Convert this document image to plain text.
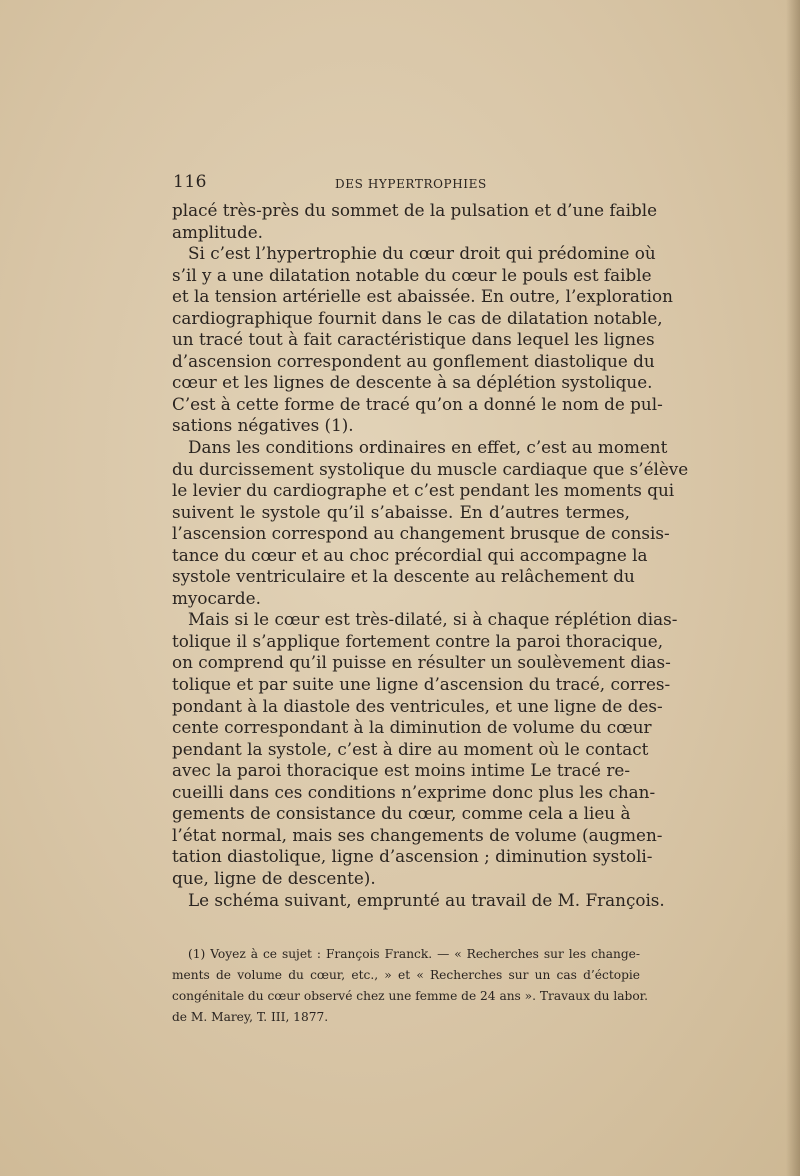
116	DES HYPERTROPHIES
placé très-près du sommet de la pulsation et d’une faible
amplitude.
Si c’est l’hypertrophie du cœur droit qui prédomine où
s’il y a une dilatation notable du cœur le pouls est faible
et la tension artérielle est abaissée. En outre, l’exploration
cardiographique fournit dans le cas de dilatation notable,
un tracé tout à fait caractéristique dans lequel les lignes
d’ascension correspondent au gonflement diastolique du
cœur et les lignes de descente à sa déplétion systolique.
C’est à cette forme de tracé qu’on a donné le nom de pul-
sations négatives (1).
Dans les conditions ordinaires en effet, c’est au moment
du durcissement systolique du muscle cardiaque que s’élève
le levier du cardiographe et c’est pendant les moments qui
suivent le systole qu’il s’abaisse. En d’autres termes,
l’ascension correspond au changement brusque de consis-
tance du cœur et au choc précordial qui accompagne la
systole ventriculaire et la descente au relâchement du
myocarde.
Mais si le cœur est très-dilaté, si à chaque réplétion dias-
tolique il s’applique fortement contre la paroi thoracique,
on comprend qu’il puisse en résulter un soulèvement dias-
tolique et par suite une ligne d’ascension du tracé, corres-
pondant à la diastole des ventricules, et une ligne de des-
cente correspondant à la diminution de volume du cœur
pendant la systole, c’est à dire au moment où le contact
avec la paroi thoracique est moins intime Le tracé re-
cueilli dans ces conditions n’exprime donc plus les chan-
gements de consistance du cœur, comme cela a lieu à
l’état normal, mais ses changements de volume (augmen-
tation diastolique, ligne d’ascension ; diminution systoli-
que, ligne de descente).
Le schéma suivant, emprunté au travail de M. François.
(1) Voyez à ce sujet : François Franck. — « Recherches sur les change-
ments de volume du cœur, etc., » et « Recherches sur un cas d’éctopie
congénitale du cœur observé chez une femme de 24 ans ». Travaux du labor.
de M. Marey, T. III, 1877.
